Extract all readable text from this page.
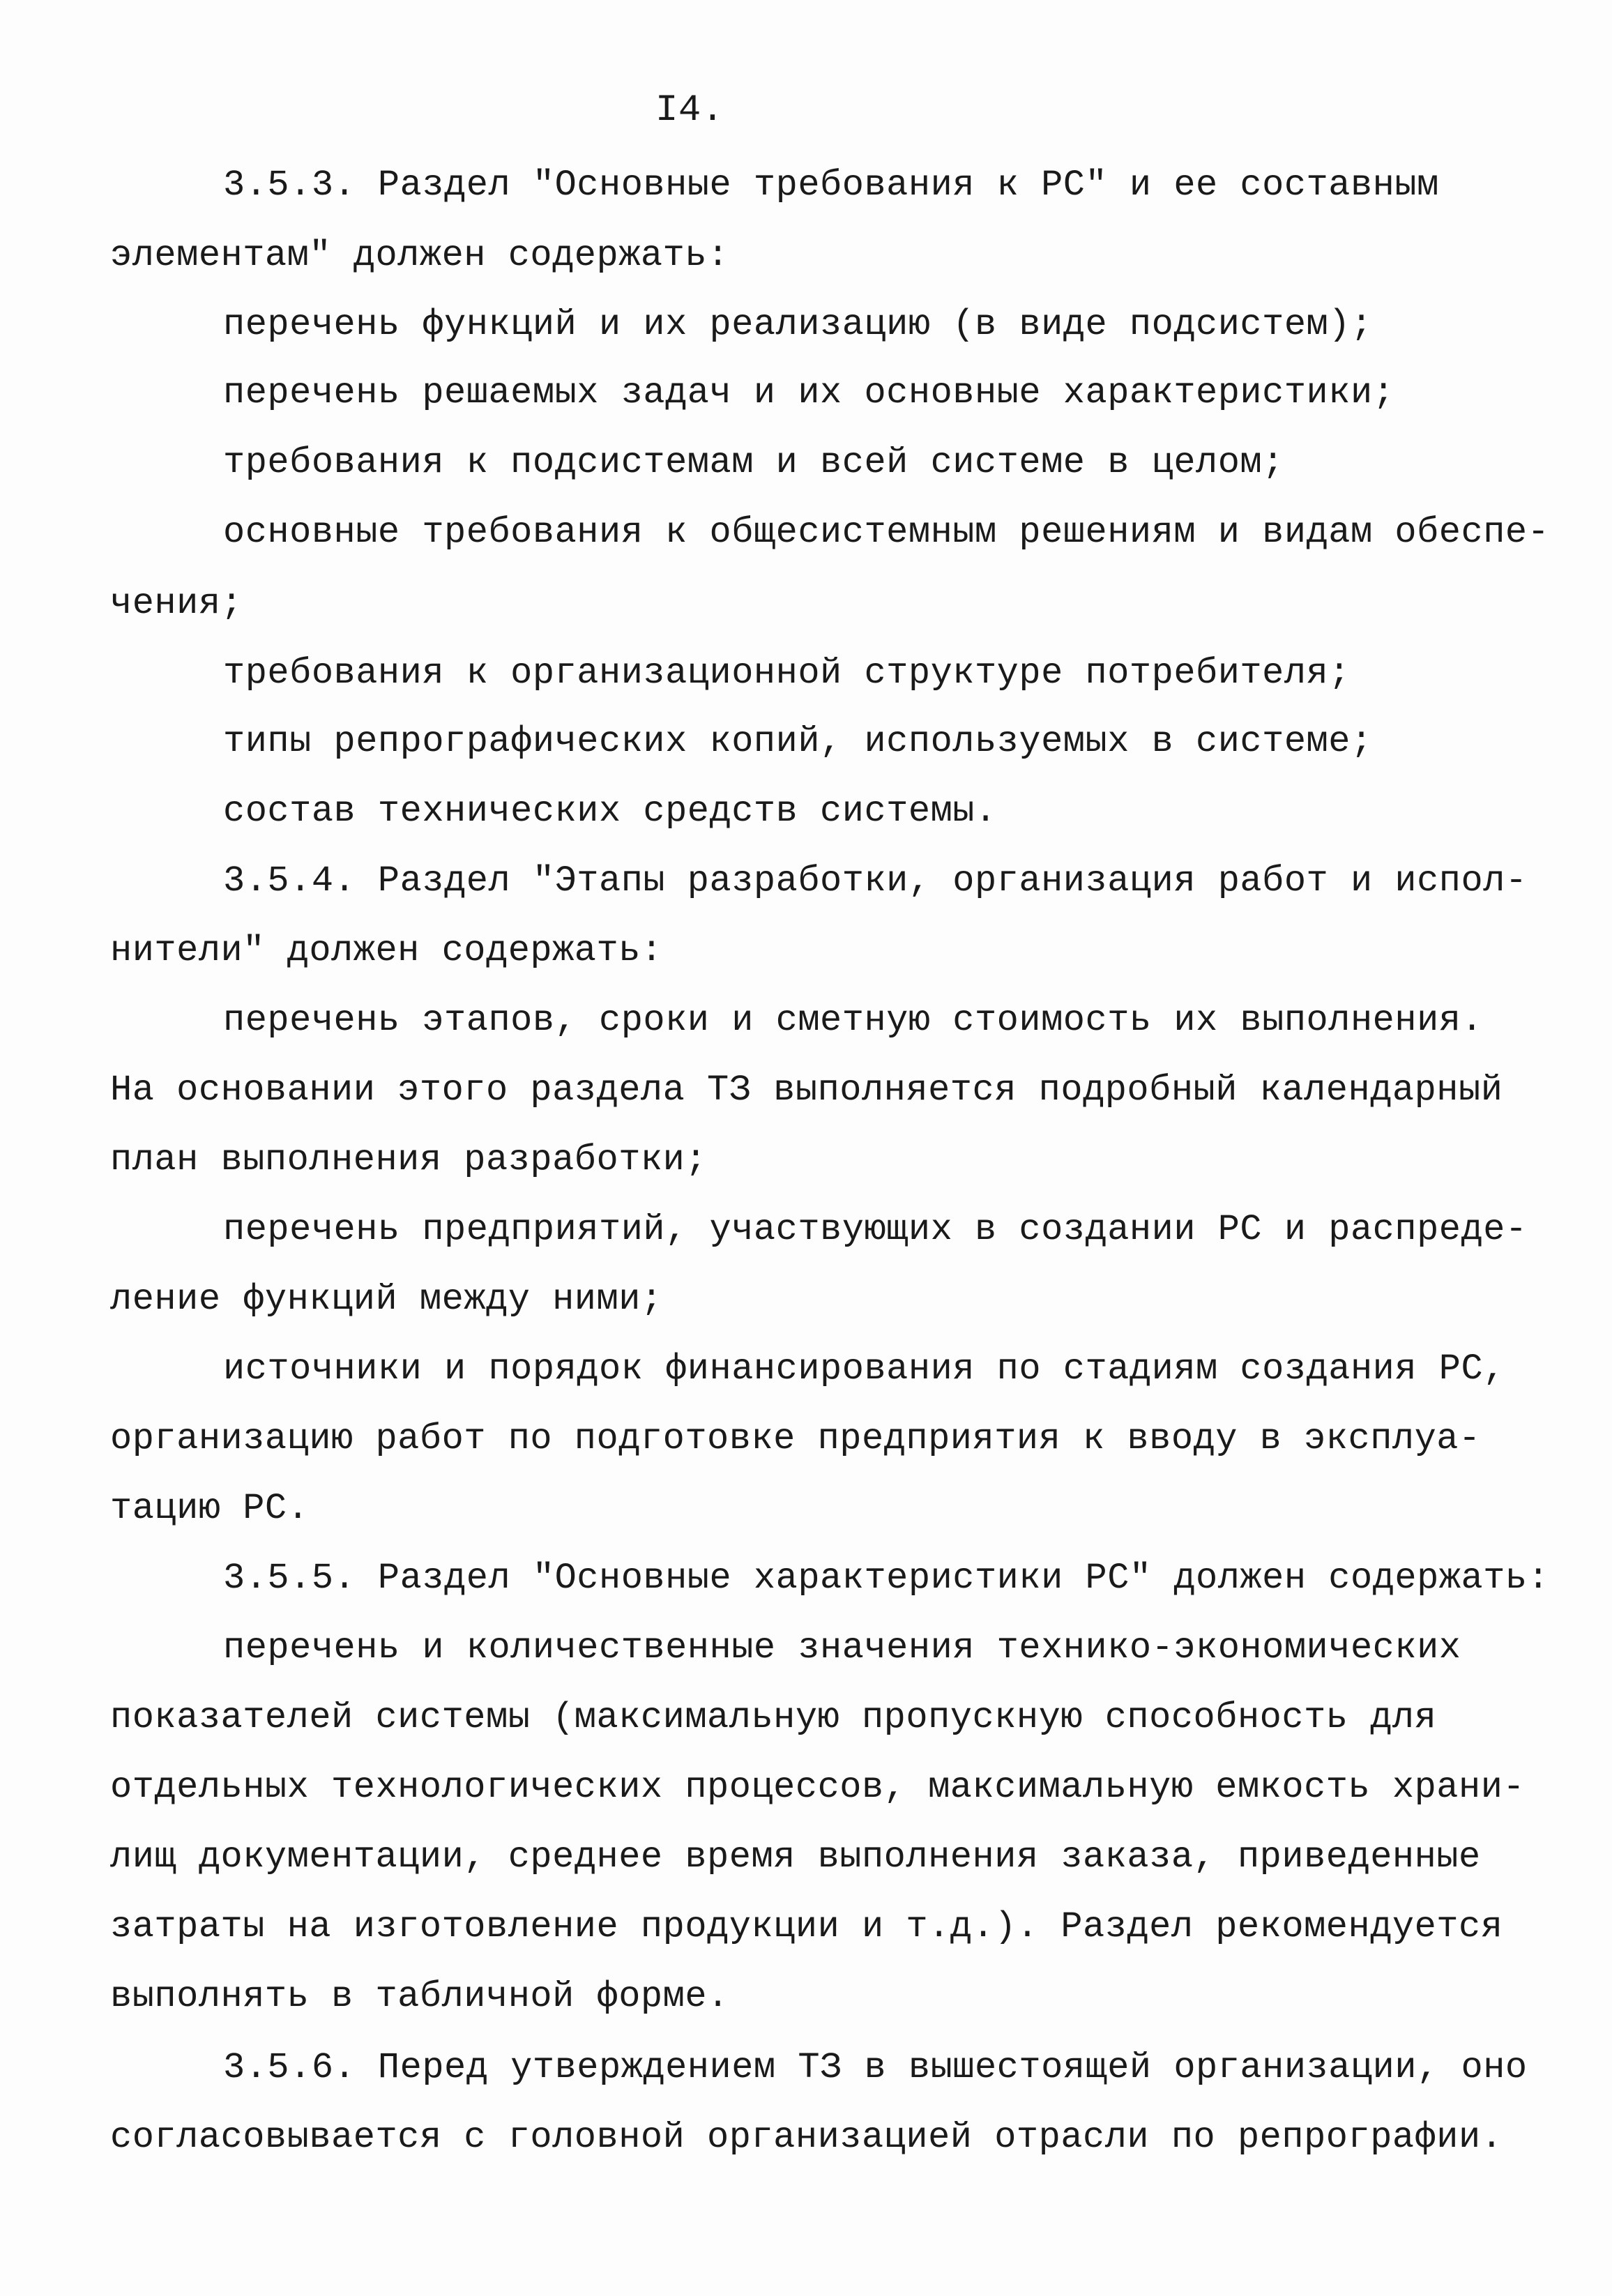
I4.
3.5.3. Раздел "Основные требования к РС" и ее составным
элементам" должен содержать:
перечень функций и их реализацию (в виде подсистем);
перечень решаемых задач и их основные характеристики;
требования к подсистемам и всей системе в целом;
основные требования к общесистемным решениям и видам обеспе-
чения;
требования к организационной структуре потребителя;
типы репрографических копий, используемых в системе;
состав технических средств системы.
3.5.4. Раздел "Этапы разработки, организация работ и испол-
нители" должен содержать:
перечень этапов, сроки и сметную стоимость их выполнения.
На основании этого раздела ТЗ выполняется подробный календарный
план выполнения разработки;
перечень предприятий, участвующих в создании РС и распреде-
ление функций между ними;
источники и порядок финансирования по стадиям создания РС,
организацию работ по подготовке предприятия к вводу в эксплуа-
тацию РС.
3.5.5. Раздел "Основные характеристики РС" должен содержать:
перечень и количественные значения технико-экономических
показателей системы (максимальную пропускную способность для
отдельных технологических процессов, максимальную емкость храни-
лищ документации, среднее время выполнения заказа, приведенные
затраты на изготовление продукции и т.д.). Раздел рекомендуется
выполнять в табличной форме.
3.5.6. Перед утверждением ТЗ в вышестоящей организации, оно
согласовывается с головной организацией отрасли по репрографии.
